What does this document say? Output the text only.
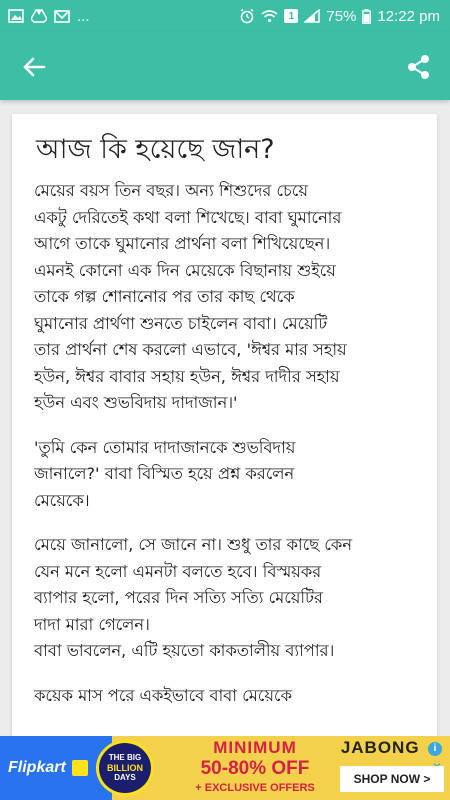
...	1 75% 12:22 pm
আজ কি হয়েছে জান?

মেয়ের বয়স তিন বছর। অন্য শিশুদের চেয়ে
একটু দেরিতেই কথা বলা শিখেছে। বাবা ঘুমানোর
আগে তাকে ঘুমানোর প্রার্থনা বলা শিখিয়েছেন।
এমনই কোনো এক দিন মেয়েকে বিছানায় শুইয়ে
তাকে গল্প শোনানোর পর তার কাছ থেকে
ঘুমানোর প্রার্থণা শুনতে চাইলেন বাবা। মেয়েটি
তার প্রার্থনা শেষ করলো এভাবে, 'ঈশ্বর মার সহায়
হউন, ঈশ্বর বাবার সহায় হউন, ঈশ্বর দাদীর সহায়
হউন এবং শুভবিদায় দাদাজান।'

'তুমি কেন তোমার দাদাজানকে শুভবিদায়
জানালে?' বাবা বিস্মিত হয়ে প্রশ্ন করলেন
মেয়েকে।

মেয়ে জানালো, সে জানে না। শুধু তার কাছে কেন
যেন মনে হলো এমনটা বলতে হবে। বিস্ময়কর
ব্যাপার হলো, পরের দিন সত্যি সত্যি মেয়েটির
দাদা মারা গেলেন।
বাবা ভাবলেন, এটি হয়তো কাকতালীয় ব্যাপার।

কয়েক মাস পরে একইভাবে বাবা মেয়েকে

Flipkart
THE BIG
BILLION
DAYS
MINIMUM
50-80% OFF
+ EXCLUSIVE OFFERS
JABONG i
SHOP NOW >
